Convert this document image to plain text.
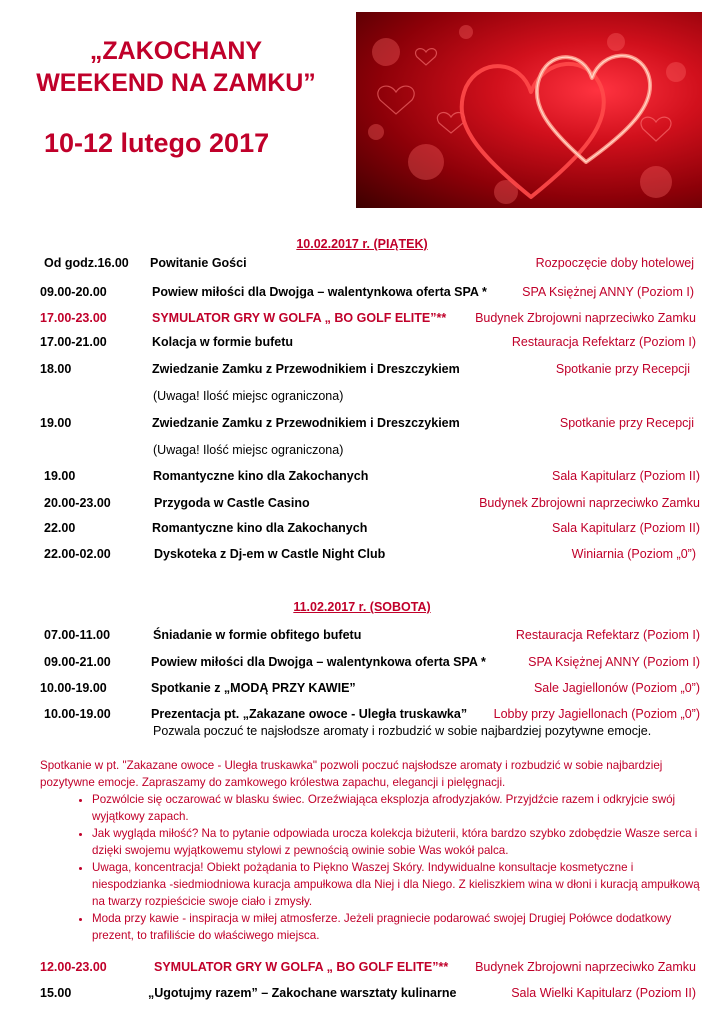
„ZAKOCHANY
WEEKEND NA ZAMKU”
10-12 lutego 2017
10.02.2017 r. (PIĄTEK)
Od godz.16.00 Powitanie Gości	Rozpoczęcie doby hotelowej
09.00-20.00	Powiew miłości dla Dwojga – walentynkowa oferta SPA *	SPA Księżnej ANNY (Poziom I)
17.00-23.00	SYMULATOR GRY W GOLFA „ BO GOLF ELITE”** Budynek Zbrojowni naprzeciwko Zamku
17.00-21.00	Kolacja w formie bufetu	Restauracja Refektarz (Poziom I)
18.00	Zwiedzanie Zamku z Przewodnikiem i Dreszczykiem	Spotkanie przy Recepcji
(Uwaga! Ilość miejsc ograniczona)
19.00	Zwiedzanie Zamku z Przewodnikiem i Dreszczykiem	Spotkanie przy Recepcji
(Uwaga! Ilość miejsc ograniczona)
19.00	Romantyczne kino dla Zakochanych	Sala Kapitularz (Poziom II)
20.00-23.00	Przygoda w Castle Casino	Budynek Zbrojowni naprzeciwko Zamku
22.00	Romantyczne kino dla Zakochanych	Sala Kapitularz (Poziom II)
22.00-02.00	Dyskoteka z Dj-em w Castle Night Club	Winiarnia (Poziom „0”)
11.02.2017 r. (SOBOTA)
07.00-11.00	Śniadanie w formie obfitego bufetu	Restauracja Refektarz (Poziom I)
09.00-21.00	Powiew miłości dla Dwojga – walentynkowa oferta SPA *	SPA Księżnej ANNY (Poziom I)
10.00-19.00	Spotkanie z „MODĄ PRZY KAWIE”	Sale Jagiellonów (Poziom „0”)
10.00-19.00	Prezentacja pt. „Zakazane owoce - Uległa truskawka” Lobby przy Jagiellonach (Poziom „0”)
Pozwala poczuć te najsłodsze aromaty i rozbudzić w sobie najbardziej pozytywne emocje.
Spotkanie w pt. "Zakazane owoce - Uległa truskawka" pozwoli poczuć najsłodsze aromaty i rozbudzić w sobie najbardziej pozytywne emocje. Zapraszamy do zamkowego królestwa zapachu, elegancji i pielęgnacji.
• Pozwólcie się oczarować w blasku świec. Orzeźwiająca eksplozja afrodyzjaków. Przyjdźcie razem i odkryjcie swój wyjątkowy zapach.
• Jak wygląda miłość? Na to pytanie odpowiada urocza kolekcja biżuterii, która bardzo szybko zdobędzie Wasze serca i dzięki swojemu wyjątkowemu stylowi z pewnością owinie sobie Was wokół palca.
• Uwaga, koncentracja! Obiekt pożądania to Piękno Waszej Skóry. Indywidualne konsultacje kosmetyczne i niespodzianka -siedmiodniowa kuracja ampułkowa dla Niej i dla Niego. Z kieliszkiem wina w dłoni i kuracją ampułkową na twarzy rozpieścicie swoje ciało i zmysły.
• Moda przy kawie - inspiracja w miłej atmosferze. Jeżeli pragniecie podarować swojej Drugiej Połówce dodatkowy prezent, to trafiliście do właściwego miejsca.
12.00-23.00	SYMULATOR GRY W GOLFA „ BO GOLF ELITE”** Budynek Zbrojowni naprzeciwko Zamku
15.00	„Ugotujmy razem” – Zakochane warsztaty kulinarne	Sala Wielki Kapitularz (Poziom II)
